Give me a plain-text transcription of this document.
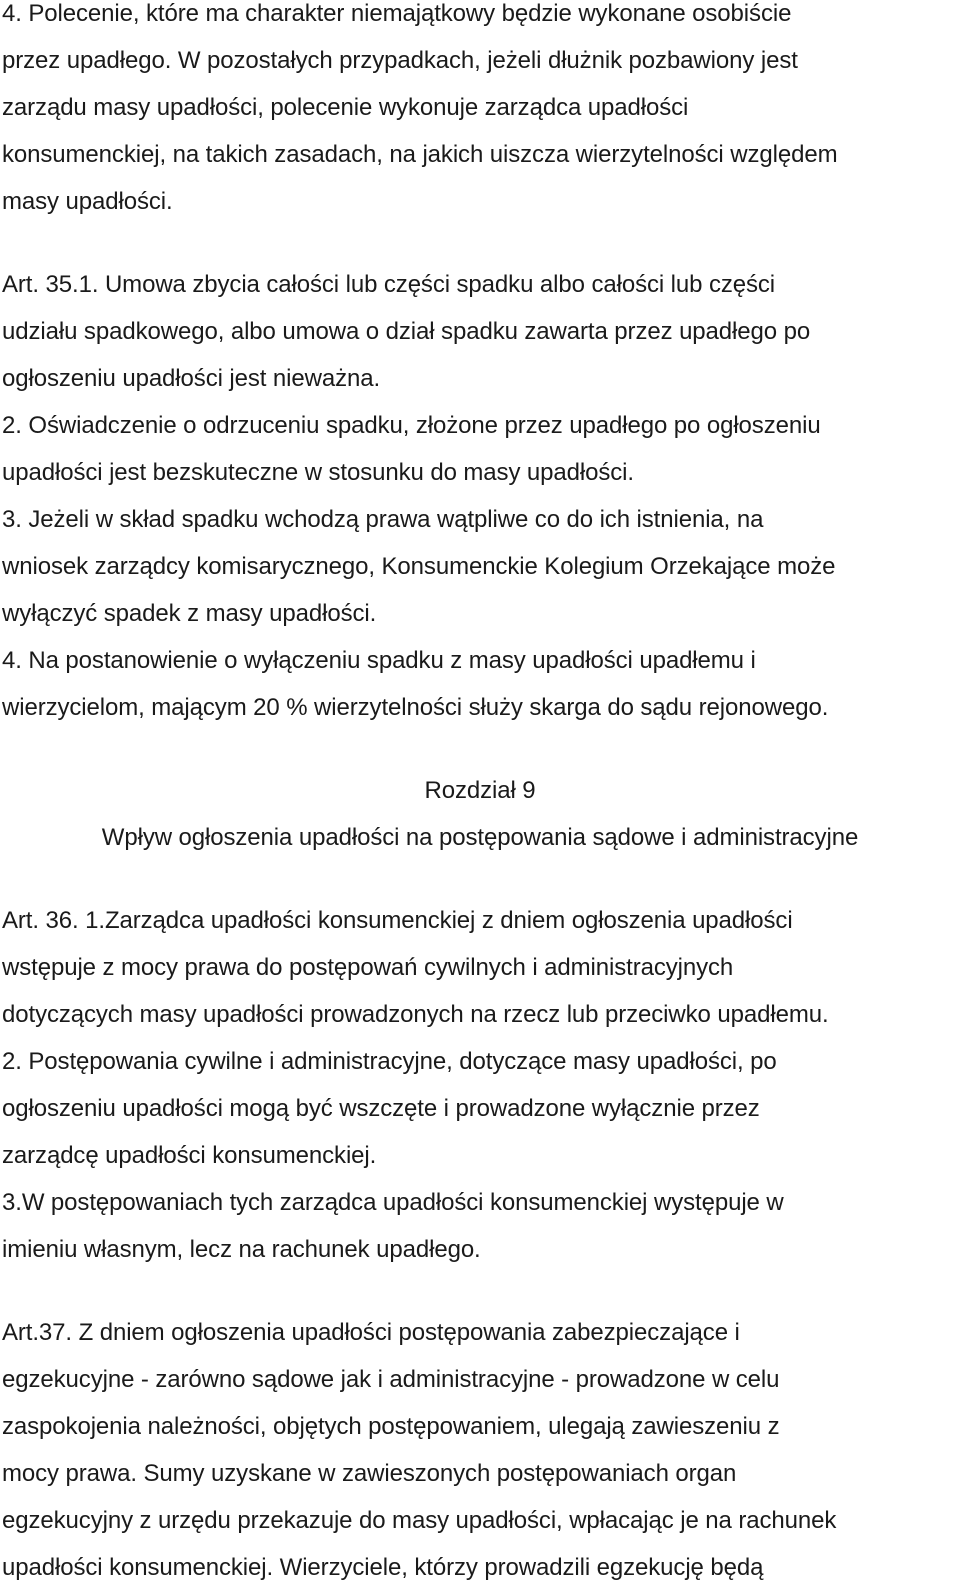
4. Polecenie, które ma charakter niemajątkowy będzie wykonane osobiście
przez upadłego. W pozostałych przypadkach, jeżeli dłużnik pozbawiony jest
zarządu masy upadłości, polecenie wykonuje zarządca upadłości
konsumenckiej, na takich zasadach, na jakich uiszcza wierzytelności względem
masy upadłości.
Art. 35.1. Umowa zbycia całości lub części spadku albo całości lub części
udziału spadkowego, albo umowa o dział spadku zawarta przez upadłego po
ogłoszeniu upadłości jest nieważna.
2. Oświadczenie o odrzuceniu spadku, złożone przez upadłego po ogłoszeniu
upadłości jest bezskuteczne w stosunku do masy upadłości.
3. Jeżeli w skład spadku wchodzą prawa wątpliwe co do ich istnienia, na
wniosek zarządcy komisarycznego, Konsumenckie Kolegium Orzekające może
wyłączyć spadek z masy upadłości.
4. Na postanowienie o wyłączeniu spadku z masy upadłości upadłemu i
wierzycielom, mającym 20 % wierzytelności służy skarga do sądu rejonowego.
Rozdział 9
Wpływ ogłoszenia upadłości na postępowania sądowe i administracyjne
Art. 36. 1.Zarządca upadłości konsumenckiej z dniem ogłoszenia upadłości
wstępuje z mocy prawa do postępowań cywilnych i administracyjnych
dotyczących masy upadłości prowadzonych na rzecz lub przeciwko upadłemu.
2. Postępowania cywilne i administracyjne, dotyczące masy upadłości, po
ogłoszeniu upadłości mogą być wszczęte i prowadzone wyłącznie przez
zarządcę upadłości konsumenckiej.
3.W postępowaniach tych zarządca upadłości konsumenckiej występuje w
imieniu własnym, lecz na rachunek upadłego.
Art.37. Z dniem ogłoszenia upadłości postępowania zabezpieczające i
egzekucyjne - zarówno sądowe jak i administracyjne - prowadzone w celu
zaspokojenia należności, objętych postępowaniem, ulegają zawieszeniu z
mocy prawa. Sumy uzyskane w zawieszonych postępowaniach organ
egzekucyjny z urzędu przekazuje do masy upadłości, wpłacając je na rachunek
upadłości konsumenckiej. Wierzyciele, którzy prowadzili egzekucję będą
